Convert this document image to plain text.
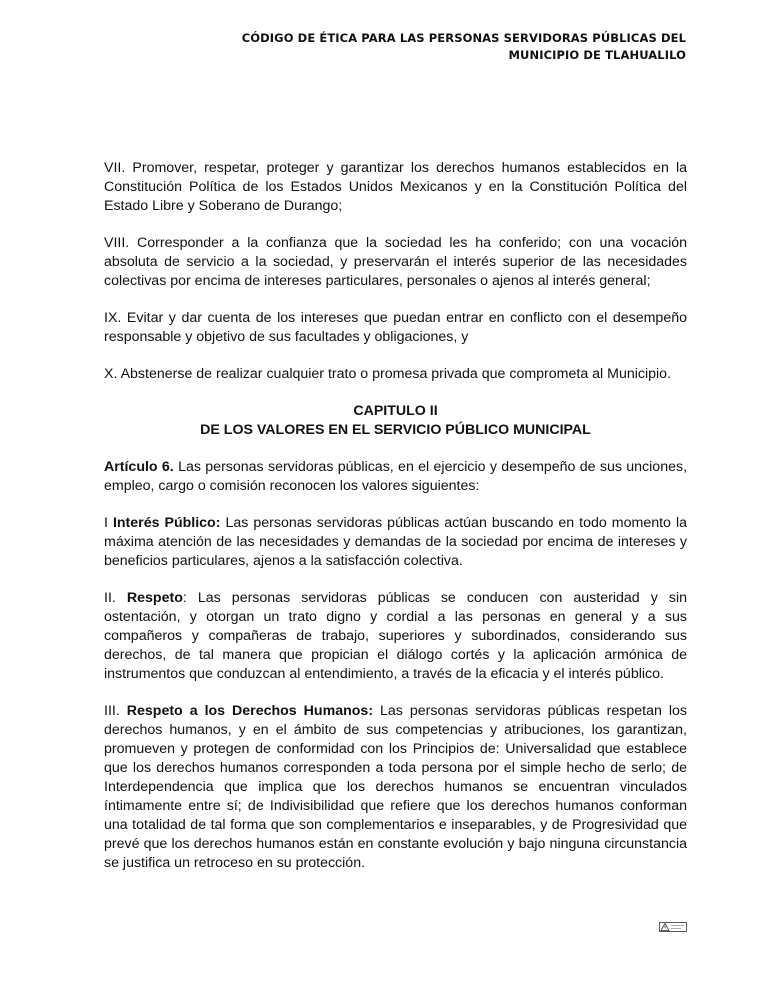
CÓDIGO DE ÉTICA PARA LAS PERSONAS SERVIDORAS PÚBLICAS DEL
MUNICIPIO DE TLAHUALILO

VII. Promover, respetar, proteger y garantizar los derechos humanos establecidos en la Constitución Política de los Estados Unidos Mexicanos y en la Constitución Política del Estado Libre y Soberano de Durango;

VIII. Corresponder a la confianza que la sociedad les ha conferido; con una vocación absoluta de servicio a la sociedad, y preservarán el interés superior de las necesidades colectivas por encima de intereses particulares, personales o ajenos al interés general;

IX. Evitar y dar cuenta de los intereses que puedan entrar en conflicto con el desempeño responsable y objetivo de sus facultades y obligaciones, y

X. Abstenerse de realizar cualquier trato o promesa privada que comprometa al Municipio.

CAPITULO II
DE LOS VALORES EN EL SERVICIO PÚBLICO MUNICIPAL

Artículo 6. Las personas servidoras públicas, en el ejercicio y desempeño de sus unciones, empleo, cargo o comisión reconocen los valores siguientes:

I Interés Público: Las personas servidoras públicas actúan buscando en todo momento la máxima atención de las necesidades y demandas de la sociedad por encima de intereses y beneficios particulares, ajenos a la satisfacción colectiva.

II. Respeto: Las personas servidoras públicas se conducen con austeridad y sin ostentación, y otorgan un trato digno y cordial a las personas en general y a sus compañeros y compañeras de trabajo, superiores y subordinados, considerando sus derechos, de tal manera que propician el diálogo cortés y la aplicación armónica de instrumentos que conduzcan al entendimiento, a través de la eficacia y el interés público.

III. Respeto a los Derechos Humanos: Las personas servidoras públicas respetan los derechos humanos, y en el ámbito de sus competencias y atribuciones, los garantizan, promueven y protegen de conformidad con los Principios de: Universalidad que establece que los derechos humanos corresponden a toda persona por el simple hecho de serlo; de Interdependencia que implica que los derechos humanos se encuentran vinculados íntimamente entre sí; de Indivisibilidad que refiere que los derechos humanos conforman una totalidad de tal forma que son complementarios e inseparables, y de Progresividad que prevé que los derechos humanos están en constante evolución y bajo ninguna circunstancia se justifica un retroceso en su protección.
